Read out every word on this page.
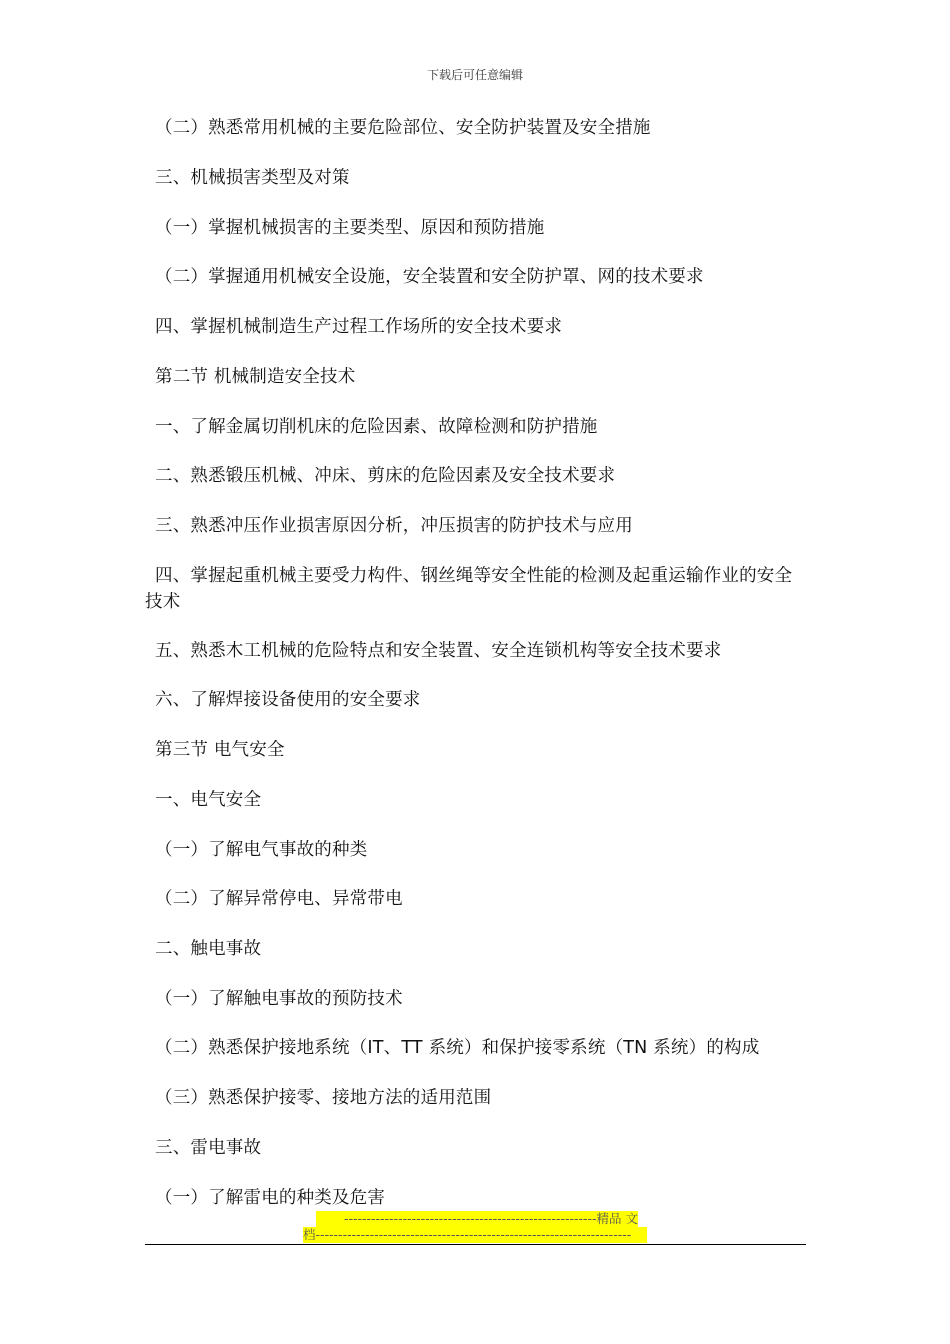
下载后可任意编辑
（二）熟悉常用机械的主要危险部位、安全防护装置及安全措施
三、机械损害类型及对策
（一）掌握机械损害的主要类型、原因和预防措施
（二）掌握通用机械安全设施，安全装置和安全防护罩、网的技术要求
四、掌握机械制造生产过程工作场所的安全技术要求
第二节 机械制造安全技术
一、了解金属切削机床的危险因素、故障检测和防护措施
二、熟悉锻压机械、冲床、剪床的危险因素及安全技术要求
三、熟悉冲压作业损害原因分析，冲压损害的防护技术与应用
四、掌握起重机械主要受力构件、钢丝绳等安全性能的检测及起重运输作业的安全技术
五、熟悉木工机械的危险特点和安全装置、安全连锁机构等安全技术要求
六、了解焊接设备使用的安全要求
第三节 电气安全
一、电气安全
（一）了解电气事故的种类
（二）了解异常停电、异常带电
二、触电事故
（一）了解触电事故的预防技术
（二）熟悉保护接地系统（IT、TT 系统）和保护接零系统（TN 系统）的构成
（三）熟悉保护接零、接地方法的适用范围
三、雷电事故
（一）了解雷电的种类及危害
--------------------------------------------------------精品 文
档----------------------------------------------------------------------
